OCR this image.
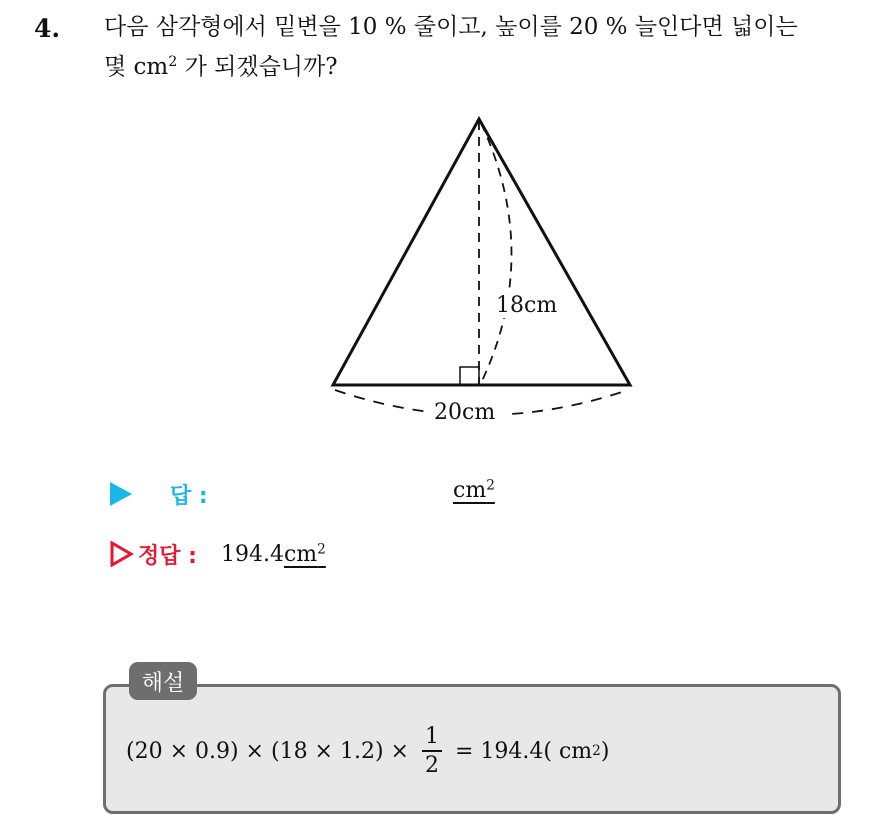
4. 다음 삼각형에서 밑변을 10 % 줄이고, 높이를 20 % 늘인다면 넓이는
몇 $cm^2$ 가 되겠습니까?
18cm
20cm
답 :	$cm^2$
정답 : 194.4 $cm^2$
해설
$(20 \times 0.9) \times (18 \times 1.2) \times \frac{1}{2} = 194.4$( cm 2 )
